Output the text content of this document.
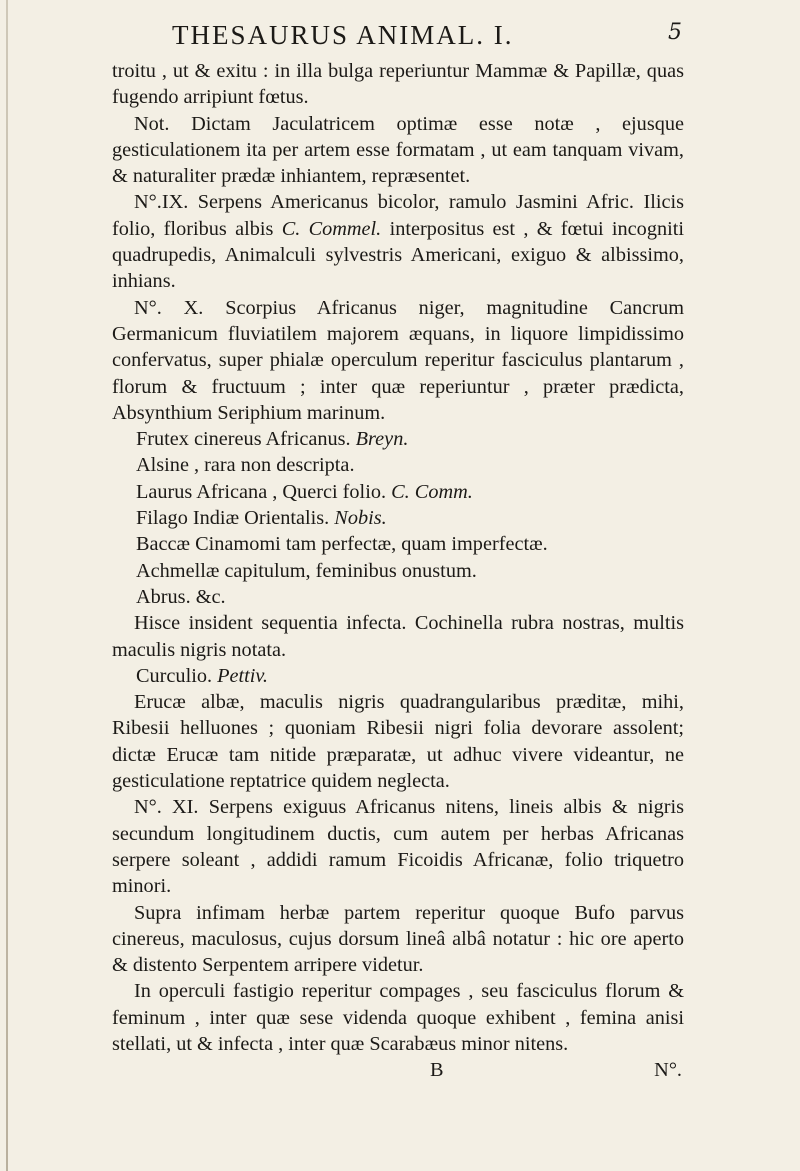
THESAURUS ANIMAL. I.	5

troitu , ut & exitu : in illa bulga reperiuntur Mammæ & Papillæ, quas fugendo arripiunt fœtus.

Not. Dictam Jaculatricem optimæ esse notæ , ejusque gesticulationem ita per artem esse formatam , ut eam tanquam vivam, & naturaliter prædæ inhiantem, repræsentet.

N°.IX. Serpens Americanus bicolor, ramulo Jasmini Afric. Ilicis folio, floribus albis C. Commel. interpositus est , & fœtui incogniti quadrupedis, Animalculi sylvestris Americani, exiguo & albissimo, inhians.

N°. X. Scorpius Africanus niger, magnitudine Cancrum Germanicum fluviatilem majorem æquans, in liquore limpidissimo confervatus, super phialæ operculum reperitur fasciculus plantarum , florum & fructuum ; inter quæ reperiuntur , præter prædicta, Absynthium Seriphium marinum.

Frutex cinereus Africanus. Breyn.

Alsine , rara non descripta.

Laurus Africana , Querci folio. C. Comm.

Filago Indiæ Orientalis. Nobis.

Baccæ Cinamomi tam perfectæ, quam imperfectæ.

Achmellæ capitulum, feminibus onustum.

Abrus. &c.

Hisce insident sequentia infecta. Cochinella rubra nostras, multis maculis nigris notata.

Curculio. Pettiv.

Erucæ albæ, maculis nigris quadrangularibus præditæ, mihi, Ribesii helluones ; quoniam Ribesii nigri folia devorare assolent; dictæ Erucæ tam nitide præparatæ, ut adhuc vivere videantur, ne gesticulatione reptatrice quidem neglecta.

N°. XI. Serpens exiguus Africanus nitens, lineis albis & nigris secundum longitudinem ductis, cum autem per herbas Africanas serpere soleant , addidi ramum Ficoidis Africanæ, folio triquetro minori.

Supra infimam herbæ partem reperitur quoque Bufo parvus cinereus, maculosus, cujus dorsum lineâ albâ notatur : hic ore aperto & distento Serpentem arripere videtur.

In operculi fastigio reperitur compages , seu fasciculus florum & feminum , inter quæ sese videnda quoque exhibent , femina anisi stellati, ut & infecta , inter quæ Scarabæus minor nitens.

B	N°.
